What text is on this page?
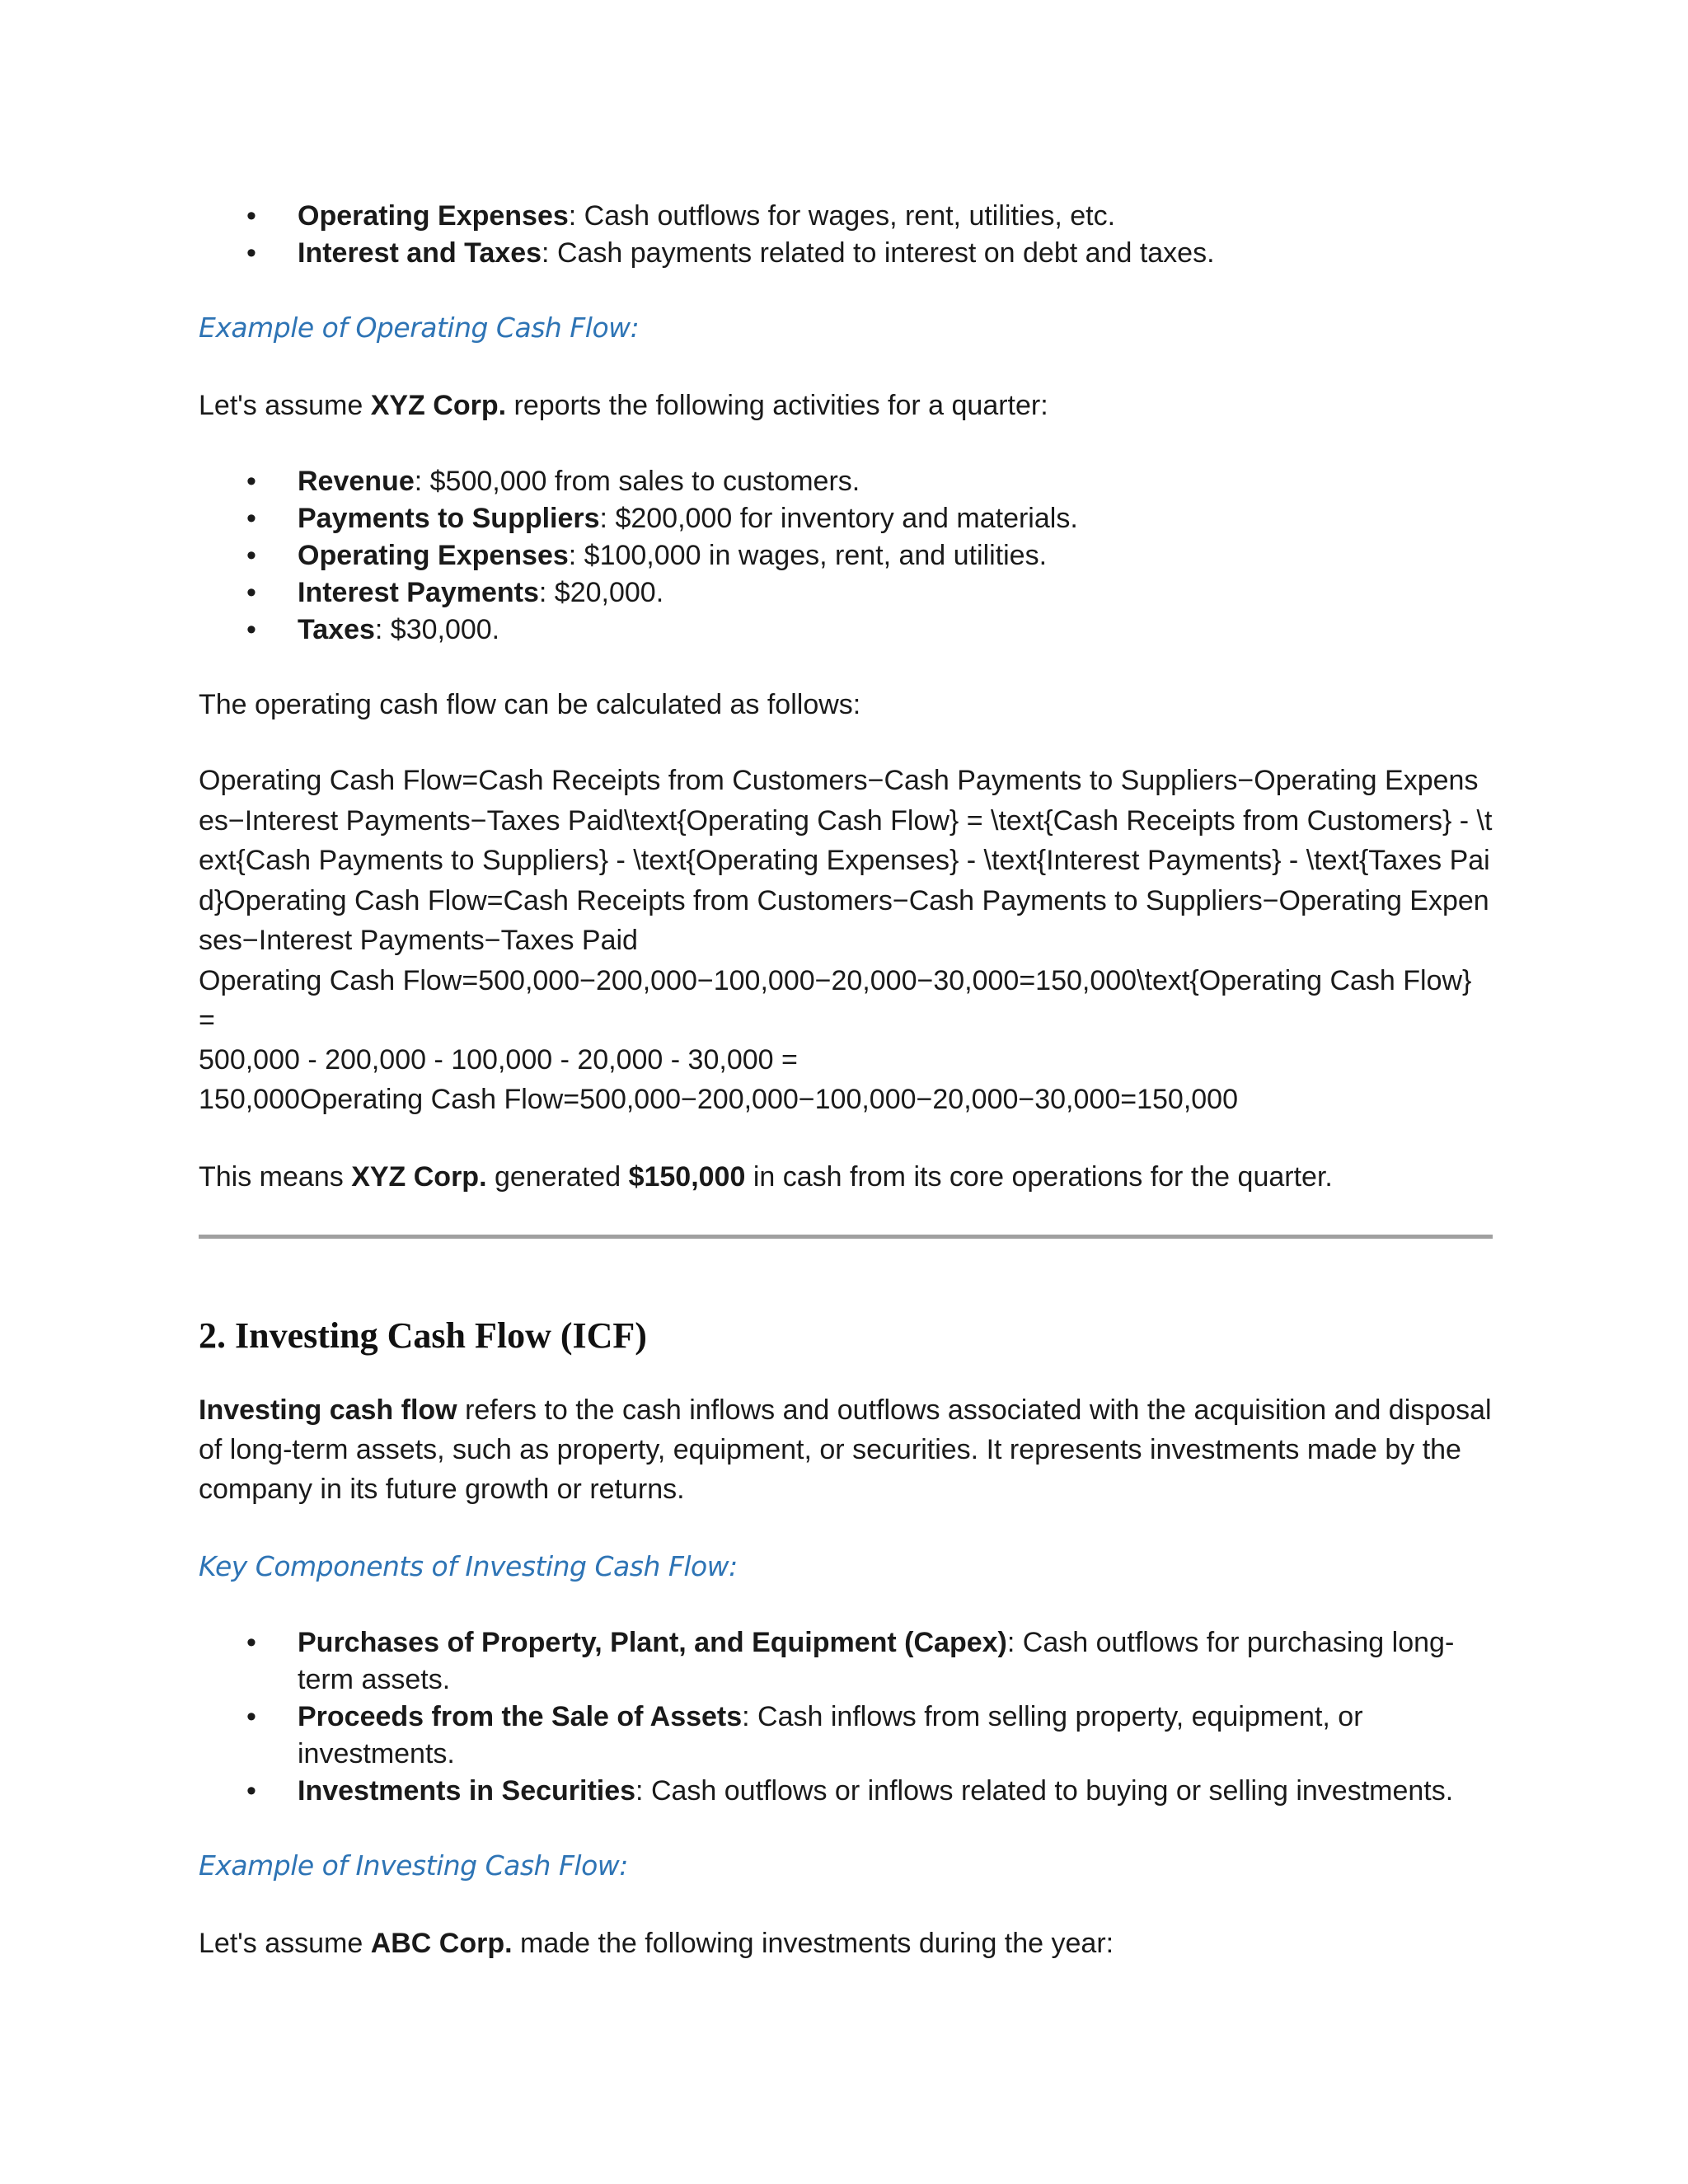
• Operating Expenses: Cash outflows for wages, rent, utilities, etc.
• Interest and Taxes: Cash payments related to interest on debt and taxes.

Example of Operating Cash Flow:

Let's assume XYZ Corp. reports the following activities for a quarter:

• Revenue: $500,000 from sales to customers.
• Payments to Suppliers: $200,000 for inventory and materials.
• Operating Expenses: $100,000 in wages, rent, and utilities.
• Interest Payments: $20,000.
• Taxes: $30,000.

The operating cash flow can be calculated as follows:

Operating Cash Flow=Cash Receipts from Customers−Cash Payments to Suppliers−Operating Expenses−Interest Payments−Taxes Paid\text{Operating Cash Flow} = \text{Cash Receipts from Customers} - \text{Cash Payments to Suppliers} - \text{Operating Expenses} - \text{Interest Payments} - \text{Taxes Paid}Operating Cash Flow=Cash Receipts from Customers−Cash Payments to Suppliers−Operating Expenses−Interest Payments−Taxes Paid

Operating Cash Flow=500,000−200,000−100,000−20,000−30,000=150,000\text{Operating Cash Flow} =

500,000 - 200,000 - 100,000 - 20,000 - 30,000 =

150,000Operating Cash Flow=500,000−200,000−100,000−20,000−30,000=150,000

This means XYZ Corp. generated $150,000 in cash from its core operations for the quarter.

2. Investing Cash Flow (ICF)

Investing cash flow refers to the cash inflows and outflows associated with the acquisition and disposal of long-term assets, such as property, equipment, or securities. It represents investments made by the company in its future growth or returns.

Key Components of Investing Cash Flow:

• Purchases of Property, Plant, and Equipment (Capex): Cash outflows for purchasing long-term assets.
• Proceeds from the Sale of Assets: Cash inflows from selling property, equipment, or investments.
• Investments in Securities: Cash outflows or inflows related to buying or selling investments.

Example of Investing Cash Flow:

Let's assume ABC Corp. made the following investments during the year:
